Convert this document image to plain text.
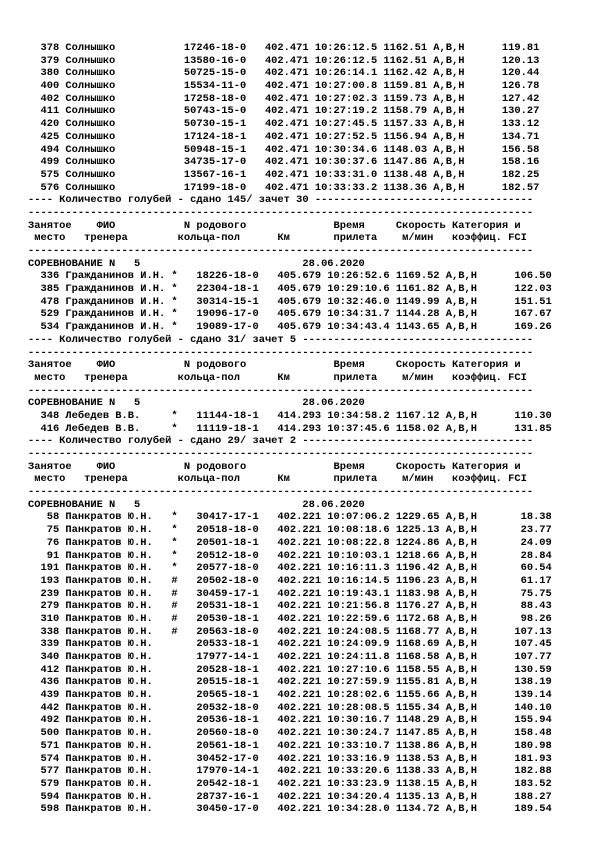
378 Солнышко           17246-18-0   402.471 10:26:12.5 1162.51 А,В,Н      119.81
379 Солнышко           13580-16-0   402.471 10:26:12.5 1162.51 А,В,Н      120.13
380 Солнышко           50725-15-0   402.471 10:26:14.1 1162.42 А,В,Н      120.44
400 Солнышко           15534-11-0   402.471 10:27:00.8 1159.81 А,В,Н      126.78
402 Солнышко           17258-18-0   402.471 10:27:02.3 1159.73 А,В,Н      127.42
411 Солнышко           50743-15-0   402.471 10:27:19.2 1158.79 А,В,Н      130.27
420 Солнышко           50730-15-1   402.471 10:27:45.5 1157.33 А,В,Н      133.12
425 Солнышко           17124-18-1   402.471 10:27:52.5 1156.94 А,В,Н      134.71
494 Солнышко           50948-15-1   402.471 10:30:34.6 1148.03 А,В,Н      156.58
499 Солнышко           34735-17-0   402.471 10:30:37.6 1147.86 А,В,Н      158.16
575 Солнышко           13567-16-1   402.471 10:33:31.0 1138.48 А,В,Н      182.25
576 Солнышко           17199-18-0   402.471 10:33:33.2 1138.36 А,В,Н      182.57
---- Количество голубей - сдано 145/ зачет 30 -----------------------------------
---------------------------------------------------------------------------------
Занятое    ФИО           N родового              Время     Скорость Категория и
место   тренера        кольца-пол      Км       прилета    м/мин   коэффиц. FCI
---------------------------------------------------------------------------------
СОРЕВНОВАНИЕ N   5                          28.06.2020
336 Гражданинов И.Н. *   18226-18-0   405.679 10:26:52.6 1169.52 А,В,Н      106.50
385 Гражданинов И.Н. *   22304-18-1   405.679 10:29:10.6 1161.82 А,В,Н      122.03
478 Гражданинов И.Н. *   30314-15-1   405.679 10:32:46.0 1149.99 А,В,Н      151.51
529 Гражданинов И.Н. *   19096-17-0   405.679 10:34:31.7 1144.28 А,В,Н      167.67
534 Гражданинов И.Н. *   19089-17-0   405.679 10:34:43.4 1143.65 А,В,Н      169.26
---- Количество голубей - сдано 31/ зачет 5 -------------------------------------
---------------------------------------------------------------------------------
Занятое    ФИО           N родового              Время     Скорость Категория и
место   тренера        кольца-пол      Км       прилета    м/мин   коэффиц. FCI
---------------------------------------------------------------------------------
СОРЕВНОВАНИЕ N   5                          28.06.2020
348 Лебедев В.В.     *   11144-18-1   414.293 10:34:58.2 1167.12 А,В,Н      110.30
416 Лебедев В.В.     *   11119-18-1   414.293 10:37:45.6 1158.02 А,В,Н      131.85
---- Количество голубей - сдано 29/ зачет 2 -------------------------------------
---------------------------------------------------------------------------------
Занятое    ФИО           N родового              Время     Скорость Категория и
место   тренера        кольца-пол      Км       прилета    м/мин   коэффиц. FCI
---------------------------------------------------------------------------------
СОРЕВНОВАНИЕ N   5                          28.06.2020
58 Панкратов Ю.Н.   *   30417-17-1   402.221 10:07:06.2 1229.65 А,В,Н       18.38
75 Панкратов Ю.Н.   *   20518-18-0   402.221 10:08:18.6 1225.13 А,В,Н       23.77
76 Панкратов Ю.Н.   *   20501-18-1   402.221 10:08:22.8 1224.86 А,В,Н       24.09
91 Панкратов Ю.Н.   *   20512-18-0   402.221 10:10:03.1 1218.66 А,В,Н       28.84
191 Панкратов Ю.Н.   *   20577-18-0   402.221 10:16:11.3 1196.42 А,В,Н       60.54
193 Панкратов Ю.Н.   #   20502-18-0   402.221 10:16:14.5 1196.23 А,В,Н       61.17
239 Панкратов Ю.Н.   #   30459-17-1   402.221 10:19:43.1 1183.98 А,В,Н       75.75
279 Панкратов Ю.Н.   #   20531-18-1   402.221 10:21:56.8 1176.27 А,В,Н       88.43
310 Панкратов Ю.Н.   #   20530-18-1   402.221 10:22:59.6 1172.68 А,В,Н       98.26
338 Панкратов Ю.Н.   #   20563-18-0   402.221 10:24:08.5 1168.77 А,В,Н      107.13
339 Панкратов Ю.Н.       20533-18-1   402.221 10:24:09.9 1168.69 А,В,Н      107.45
340 Панкратов Ю.Н.       17977-14-1   402.221 10:24:11.8 1168.58 А,В,Н      107.77
412 Панкратов Ю.Н.       20528-18-1   402.221 10:27:10.6 1158.55 А,В,Н      130.59
436 Панкратов Ю.Н.       20515-18-1   402.221 10:27:59.9 1155.81 А,В,Н      138.19
439 Панкратов Ю.Н.       20565-18-1   402.221 10:28:02.6 1155.66 А,В,Н      139.14
442 Панкратов Ю.Н.       20532-18-0   402.221 10:28:08.5 1155.34 А,В,Н      140.10
492 Панкратов Ю.Н.       20536-18-1   402.221 10:30:16.7 1148.29 А,В,Н      155.94
500 Панкратов Ю.Н.       20560-18-0   402.221 10:30:24.7 1147.85 А,В,Н      158.48
571 Панкратов Ю.Н.       20561-18-1   402.221 10:33:10.7 1138.86 А,В,Н      180.98
574 Панкратов Ю.Н.       30452-17-0   402.221 10:33:16.9 1138.53 А,В,Н      181.93
577 Панкратов Ю.Н.       17970-14-1   402.221 10:33:20.6 1138.33 А,В,Н      182.88
579 Панкратов Ю.Н.       20542-18-1   402.221 10:33:23.9 1138.15 А,В,Н      183.52
594 Панкратов Ю.Н.       28737-16-1   402.221 10:34:20.4 1135.13 А,В,Н      188.27
598 Панкратов Ю.Н.       30450-17-0   402.221 10:34:28.0 1134.72 А,В,Н      189.54
